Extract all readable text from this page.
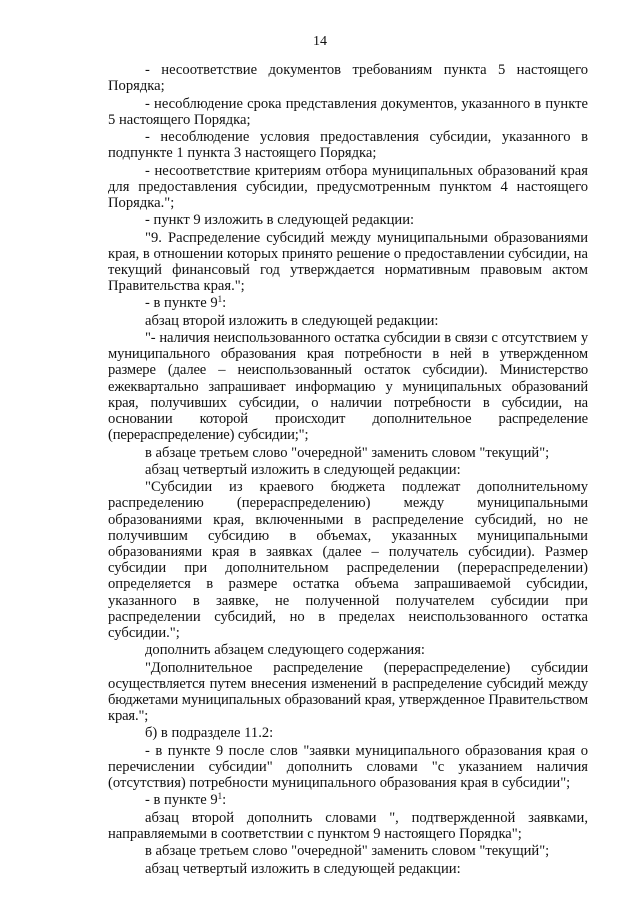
14

- несоответствие документов требованиям пункта 5 настоящего Порядка;

- несоблюдение срока представления документов, указанного в пункте 5 настоящего Порядка;

- несоблюдение условия предоставления субсидии, указанного в подпункте 1 пункта 3 настоящего Порядка;

- несоответствие критериям отбора муниципальных образований края для предоставления субсидии, предусмотренным пунктом 4 настоящего Порядка.";

- пункт 9 изложить в следующей редакции:

"9. Распределение субсидий между муниципальными образованиями края, в отношении которых принято решение о предоставлении субсидии, на текущий финансовый год утверждается нормативным правовым актом Правительства края.";

- в пункте $9^1$:

абзац второй изложить в следующей редакции:

"- наличия неиспользованного остатка субсидии в связи с отсутствием у муниципального образования края потребности в ней в утвержденном размере (далее – неиспользованный остаток субсидии). Министерство ежеквартально запрашивает информацию у муниципальных образований края, получивших субсидии, о наличии потребности в субсидии, на основании которой происходит дополнительное распределение (перераспределение) субсидии;";

в абзаце третьем слово "очередной" заменить словом "текущий";

абзац четвертый изложить в следующей редакции:

"Субсидии из краевого бюджета подлежат дополнительному распределению (перераспределению) между муниципальными образованиями края, включенными в распределение субсидий, но не получившим субсидию в объемах, указанных муниципальными образованиями края в заявках (далее – получатель субсидии). Размер субсидии при дополнительном распределении (перераспределении) определяется в размере остатка объема запрашиваемой субсидии, указанного в заявке, не полученной получателем субсидии при распределении субсидий, но в пределах неиспользованного остатка субсидии.";

дополнить абзацем следующего содержания:

"Дополнительное распределение (перераспределение) субсидии осуществляется путем внесения изменений в распределение субсидий между бюджетами муниципальных образований края, утвержденное Правительством края.";

б) в подразделе 11.2:

- в пункте 9 после слов "заявки муниципального образования края о перечислении субсидии" дополнить словами "с указанием наличия (отсутствия) потребности муниципального образования края в субсидии";

- в пункте $9^1$:

абзац второй дополнить словами ", подтвержденной заявками, направляемыми в соответствии с пунктом 9 настоящего Порядка";

в абзаце третьем слово "очередной" заменить словом "текущий";

абзац четвертый изложить в следующей редакции:
